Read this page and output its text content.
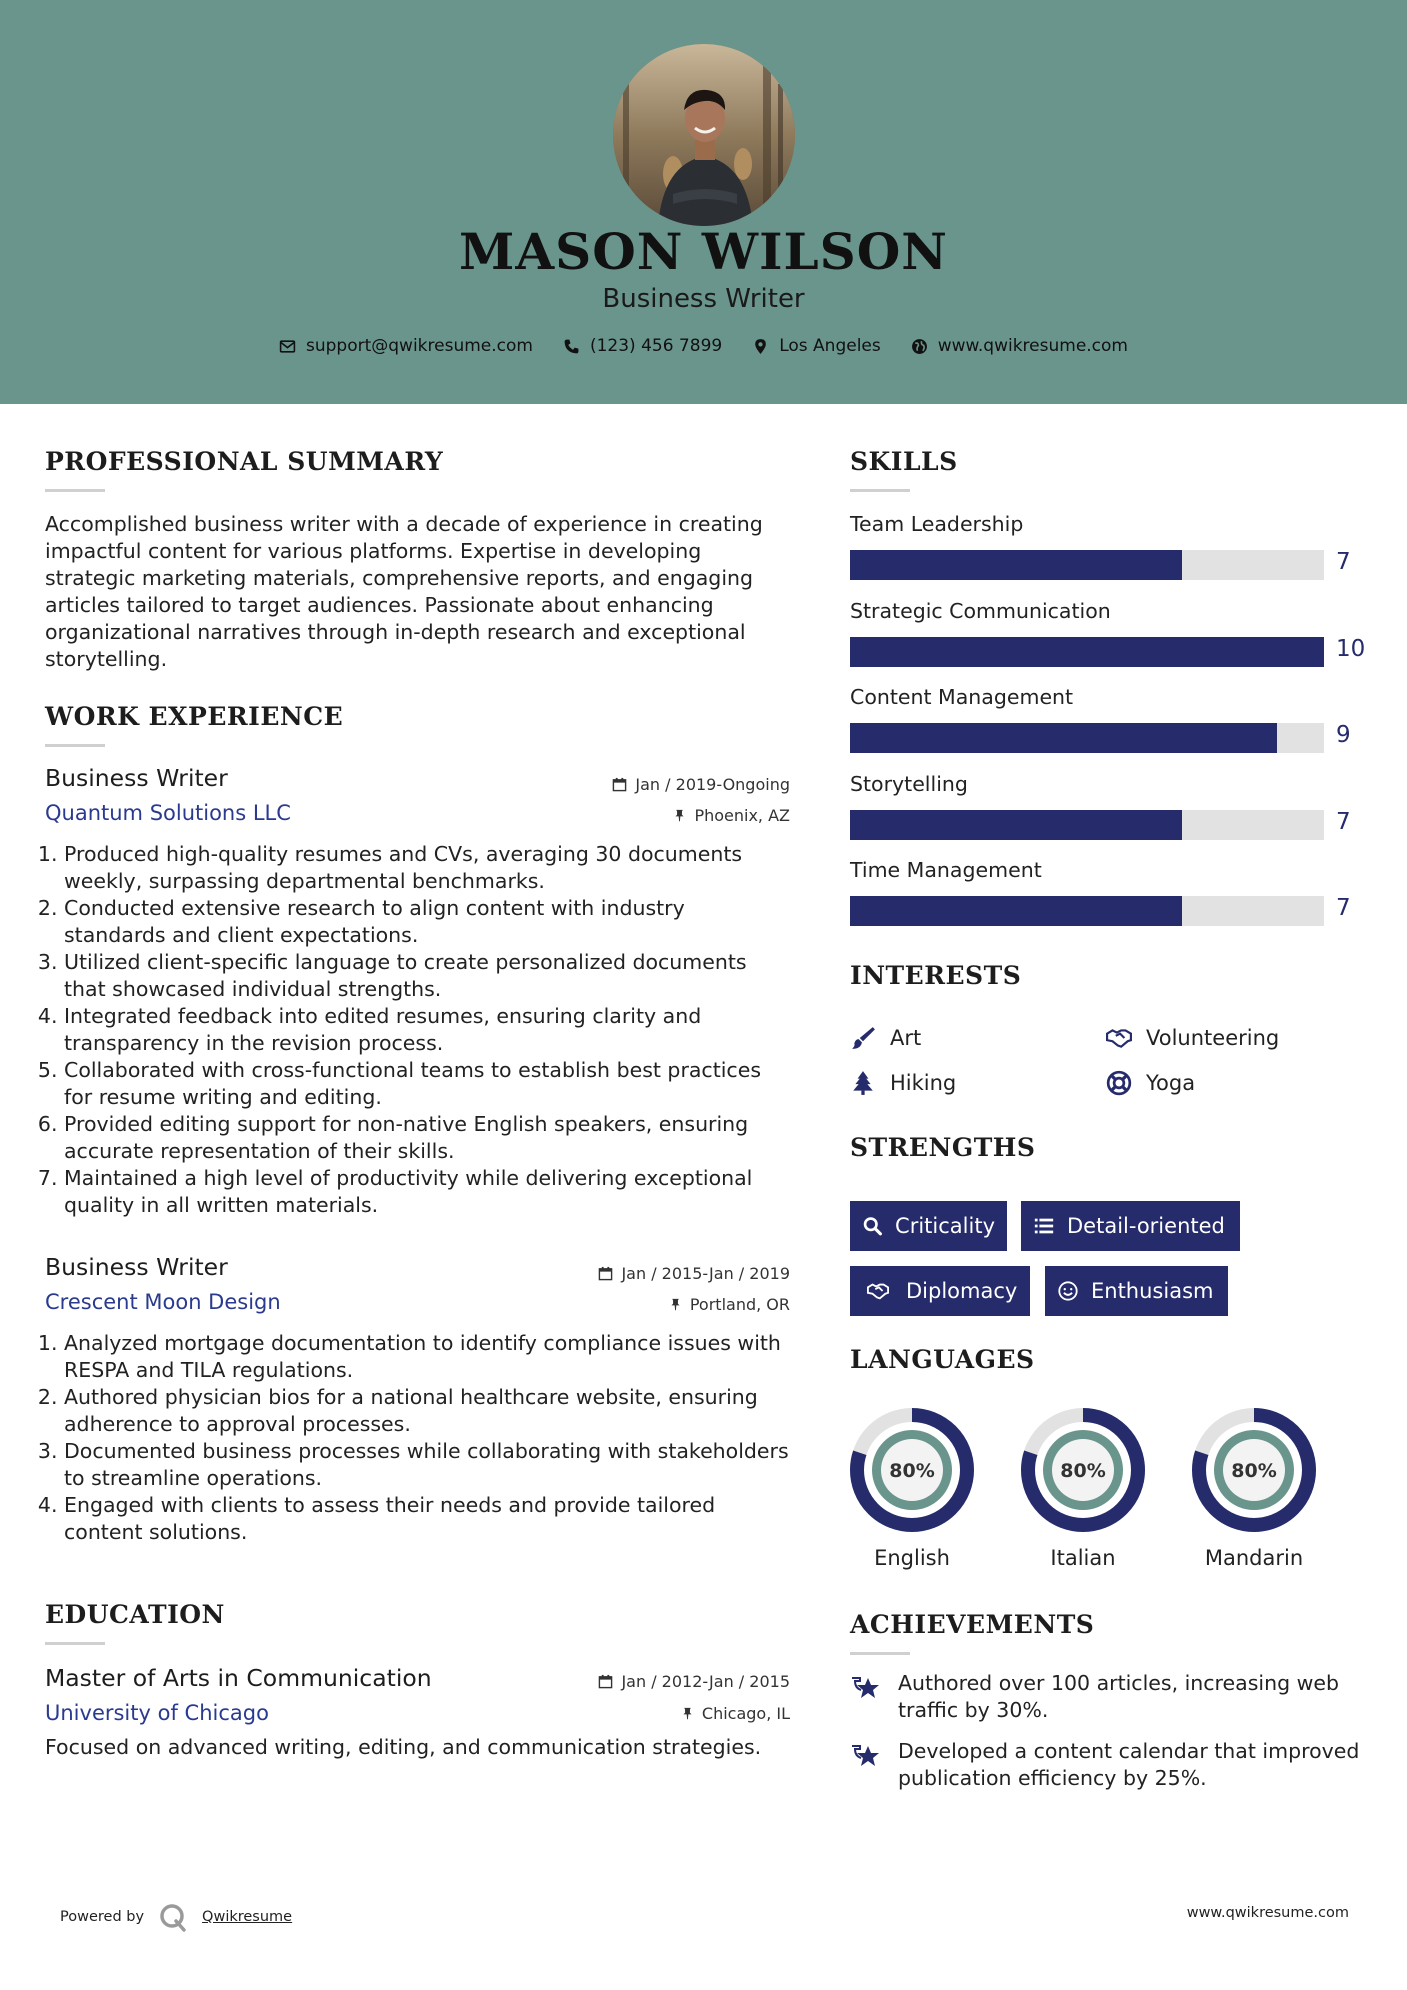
MASON WILSON
Business Writer
support@qwikresume.com	(123) 456 7899	Los Angeles	www.qwikresume.com
PROFESSIONAL SUMMARY
Accomplished business writer with a decade of experience in creating impactful content for various platforms. Expertise in developing strategic marketing materials, comprehensive reports, and engaging articles tailored to target audiences. Passionate about enhancing organizational narratives through in-depth research and exceptional storytelling.
WORK EXPERIENCE
Business Writer
Quantum Solutions LLC
Jan / 2019-Ongoing
Phoenix, AZ
1. Produced high-quality resumes and CVs, averaging 30 documents weekly, surpassing departmental benchmarks.
2. Conducted extensive research to align content with industry standards and client expectations.
3. Utilized client-specific language to create personalized documents that showcased individual strengths.
4. Integrated feedback into edited resumes, ensuring clarity and transparency in the revision process.
5. Collaborated with cross-functional teams to establish best practices for resume writing and editing.
6. Provided editing support for non-native English speakers, ensuring accurate representation of their skills.
7. Maintained a high level of productivity while delivering exceptional quality in all written materials.
Business Writer
Crescent Moon Design
Jan / 2015-Jan / 2019
Portland, OR
1. Analyzed mortgage documentation to identify compliance issues with RESPA and TILA regulations.
2. Authored physician bios for a national healthcare website, ensuring adherence to approval processes.
3. Documented business processes while collaborating with stakeholders to streamline operations.
4. Engaged with clients to assess their needs and provide tailored content solutions.
EDUCATION
Master of Arts in Communication
University of Chicago
Jan / 2012-Jan / 2015
Chicago, IL
Focused on advanced writing, editing, and communication strategies.
SKILLS
Team Leadership
7
Strategic Communication
10
Content Management
9
Storytelling
7
Time Management
7
INTERESTS
Art	Volunteering
Hiking	Yoga
STRENGTHS
Criticality	Detail-oriented
Diplomacy	Enthusiasm
LANGUAGES
80%
English
80%
Italian
80%
Mandarin
ACHIEVEMENTS
Authored over 100 articles, increasing web traffic by 30%.
Developed a content calendar that improved publication efficiency by 25%.
Powered by	Qwikresume	www.qwikresume.com
